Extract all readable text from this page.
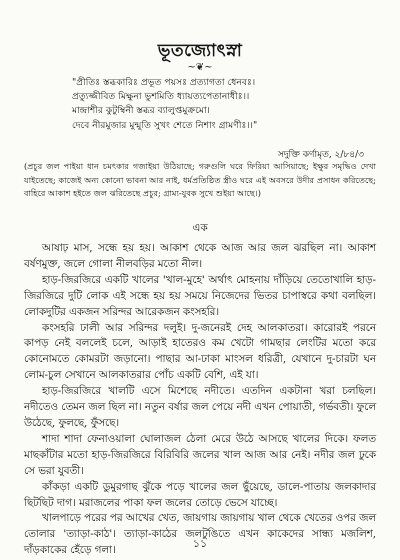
ভূতজ্যোৎস্না
~❦~
"প্রীতিঃ স্তব্ধকারিঃ প্রভূত পয়সঃ প্রত্যাগতা ধেনবঃ।
প্রত্যুজ্জীবিত মিক্ষুনা ভুশমিতি ধ্যায়ত্যপেতানাধীঃ।।
মান্দ্রাশীর কুটুম্বিনী স্তব্ধর ব্যালুপ্তমুক্রমো।
দেবে নীরমুজার মুন্মুতি সুখং শেতে নিশাং গ্রামণীঃ।।"
সদুক্তি কর্ণামৃত, ২/৮৪/৩
(প্রচুর জল পাইয়া ধান চমৎকার গজাইয়া উঠিয়াছে; গরুগুলি ঘরে ফিরিয়া আসিয়াছে; ইক্ষুর সমৃদ্ধিও দেখা যাইতেছে; কাজেই অন্য কোনো ভাবনা আর নাই, ধর্মপ্রতিষ্ঠিত স্ত্রীও ঘরে এই অবসরে উদীর প্রসাধন করিতেছে; বাহিরে আকাশ হইতে জল ঝরিতেছে প্রচুর; গ্রাম্য-যুবক সুখে শুইয়া আছে।)
এক

আষাঢ় মাস, সন্ধে হয় হয়। আকাশ থেকে আজ আর জল ঝরছিল না। আকাশ বর্ষণমুক্ত, জলে গোলা নীলবড়ির মতো নীল।

হাড়-জিরজিরে একটি খালের 'খাল-মুহে' অর্থাৎ মোহনায় দাঁড়িয়ে তেতোখালি হাড়-জিরজিরে দুটি লোক এই সন্ধে হয় হয় সময়ে নিজেদের ভিতর চাপাস্বরে কথা বলছিল। লোকদুটির একজন সরিন্দর আরেকজন কংসহরি।

কংসহরি ঢালী আর সরিন্দর দলুই। দু-জনেরই দেহ আলকাতরা। কারোরই পরনে কাপড় নেই বললেই চলে, আড়াই হাতেরও কম খেটো গামছার লেংটির মতো করে কোনোমতে কোমরটা জড়ানো। পাছার আ-ঢাকা মাংসল ধরিত্রী, যেখানে দু-চারটা ঘন লোম-চুল সেখানে আলকাতরার পোঁচ একটি বেশি, এই যা।

হাড়-জিরজিরে খালটি এসে মিশেছে নদীতে। এতদিন একটানা খরা চলছিল। নদীতেও তেমন জল ছিল না। নতুন বর্ষার জল পেয়ে নদী এখন পোয়াতী, গর্ভবতী। ফুলে উঠেছে, ফুলছে, ফুঁসছে।

শাদা শাদা ফেনাওয়ালা ঘোলাজল ঠেলা মেরে উঠে আসছে খালের দিকে। ফলত মাছকাঁটার মতো হাড়-জিরজিরে বিরিবিরি জলের খাল আজ আর নেই। নদীর জল ঢুকে সে ভরা যুবতী।

কাঁকড়া একটি ডুমুরগাছ ঝুঁকে পড়ে খালের জল ছুঁয়েছে, ডালে-পাতায় জলকাদার ছিটছিট দাগ। মরাজলের পাকা ফল জলের তোড়ে ভেসে যাচ্ছে।

খালপাড়ে পরের পর আখের খেত, জায়গায় জায়গায় খাল থেকে খেতের ওপর জল তোলার 'ত্যাড়া-কাঠ'। ত্যাড়া-কাঠের জলটুঙিতে এখন কাকেদের সান্ধ্য মজলিশ, দাঁড়কাকের হেঁড়ে গলা।

১১
